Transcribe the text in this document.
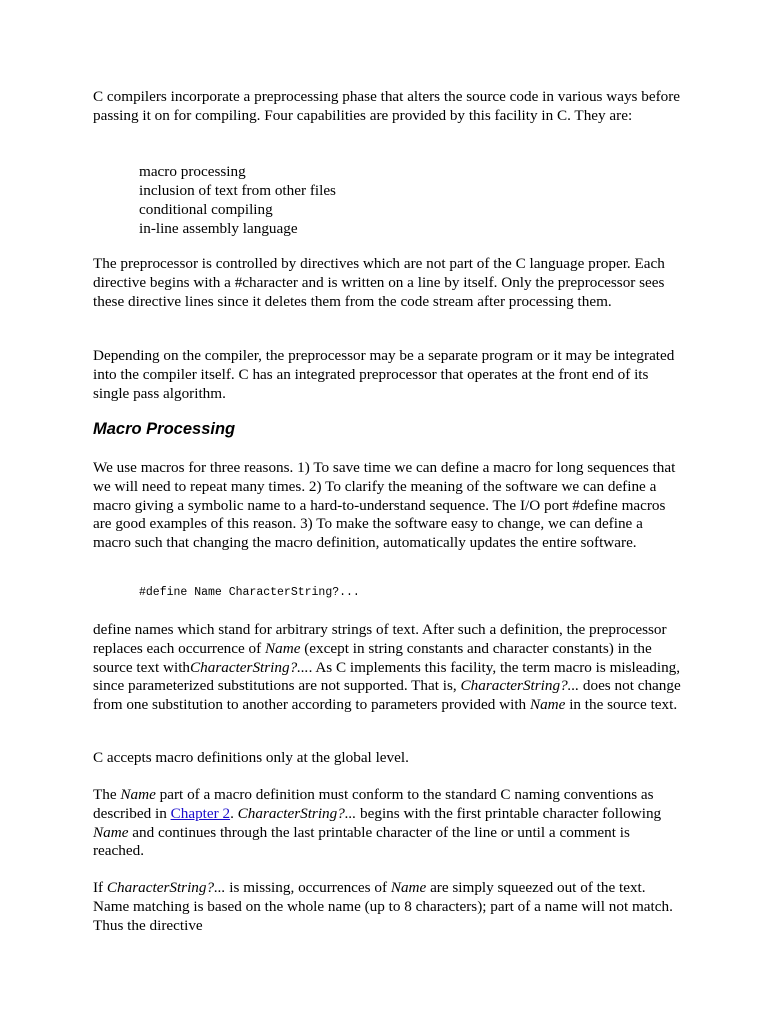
C compilers incorporate a preprocessing phase that alters the source code in various ways before passing it on for compiling. Four capabilities are provided by this facility in C. They are:

macro processing
inclusion of text from other files
conditional compiling
in-line assembly language

The preprocessor is controlled by directives which are not part of the C language proper. Each directive begins with a #character and is written on a line by itself. Only the preprocessor sees these directive lines since it deletes them from the code stream after processing them.

Depending on the compiler, the preprocessor may be a separate program or it may be integrated into the compiler itself. C has an integrated preprocessor that operates at the front end of its single pass algorithm.

Macro Processing

We use macros for three reasons. 1) To save time we can define a macro for long sequences that we will need to repeat many times. 2) To clarify the meaning of the software we can define a macro giving a symbolic name to a hard-to-understand sequence. The I/O port #define macros are good examples of this reason. 3) To make the software easy to change, we can define a macro such that changing the macro definition, automatically updates the entire software.

#define Name CharacterString?...

define names which stand for arbitrary strings of text. After such a definition, the preprocessor replaces each occurrence of Name (except in string constants and character constants) in the source text withCharacterString?.... As C implements this facility, the term macro is misleading, since parameterized substitutions are not supported. That is, CharacterString?... does not change from one substitution to another according to parameters provided with Name in the source text.

C accepts macro definitions only at the global level.

The Name part of a macro definition must conform to the standard C naming conventions as described in Chapter 2. CharacterString?... begins with the first printable character following Name and continues through the last printable character of the line or until a comment is reached.

If CharacterString?... is missing, occurrences of Name are simply squeezed out of the text. Name matching is based on the whole name (up to 8 characters); part of a name will not match. Thus the directive
